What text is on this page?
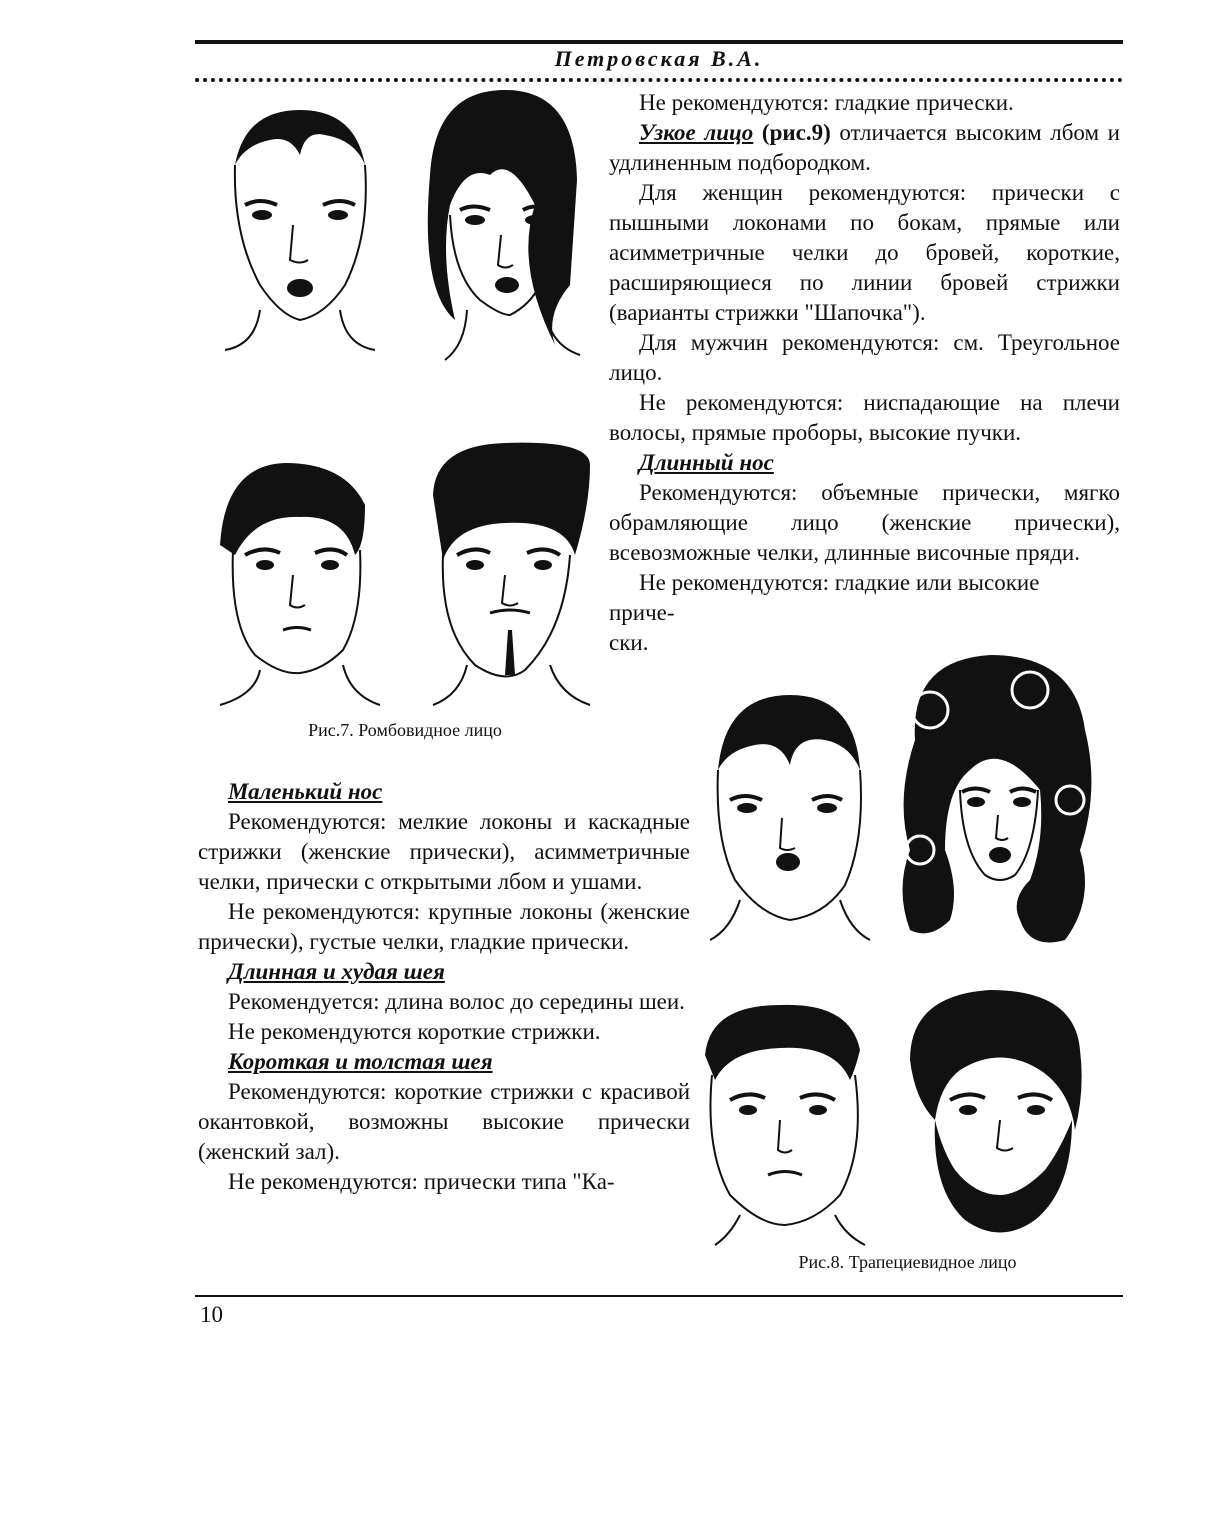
Петровская В.А.
Рис.7. Ромбовидное лицо

Не рекомендуются: гладкие прически.

Узкое лицо (рис.9) отличается высоким лбом и удлиненным подбородком.

Для женщин рекомендуются: прически с пышными локонами по бокам, прямые или асимметричные челки до бровей, короткие, расширяющиеся по линии бровей стрижки (варианты стрижки "Шапочка").

Для мужчин рекомендуются: см. Треугольное лицо.

Не рекомендуются: ниспадающие на плечи волосы, прямые проборы, высокие пучки.

Длинный нос

Рекомендуются: объемные прически, мягко обрамляющие лицо (женские прически), всевозможные челки, длинные височные пряди.

Не рекомендуются: гладкие или высокие

приче-

ски.

Рис.8. Трапециевидное лицо
Маленький нос

Рекомендуются: мелкие локоны и каскадные стрижки (женские прически), асимметричные челки, прически с открытыми лбом и ушами.

Не рекомендуются: крупные локоны (женские прически), густые челки, гладкие прически.

Длинная и худая шея

Рекомендуется: длина волос до середины шеи.

Не рекомендуются короткие стрижки.

Короткая и толстая шея

Рекомендуются: короткие стрижки с красивой окантовкой, возможны высокие прически (женский зал).

Не рекомендуются: прически типа "Ка-

10
